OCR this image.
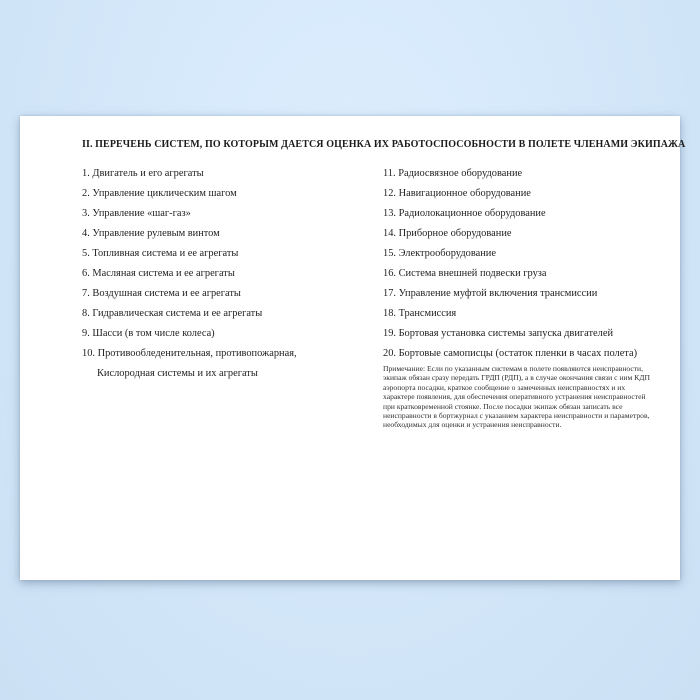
II. ПЕРЕЧЕНЬ СИСТЕМ, ПО КОТОРЫМ ДАЕТСЯ ОЦЕНКА ИХ РАБОТОСПОСОБНОСТИ В ПОЛЕТЕ ЧЛЕНАМИ ЭКИПАЖА
1. Двигатель и его агрегаты
2. Управление циклическим шагом
3. Управление «шаг-газ»
4. Управление рулевым винтом
5. Топливная система и ее агрегаты
6. Масляная система и ее агрегаты
7. Воздушная система и ее агрегаты
8. Гидравлическая система и ее агрегаты
9. Шасси (в том числе колеса)
10. Противообледенительная, противопожарная,
Кислородная системы и их агрегаты
11. Радиосвязное оборудование
12. Навигационное оборудование
13. Радиолокационное оборудование
14. Приборное оборудование
15. Электрооборудование
16. Система внешней подвески груза
17. Управление муфтой включения трансмиссии
18. Трансмиссия
19. Бортовая установка системы запуска двигателей
20. Бортовые самописцы (остаток пленки в часах полета)
Примечание: Если по указанным системам в полете появляются неисправности, экипаж обязан сразу передать ГРДП (РДП), а в случае окончания связи с ним КДП аэропорта посадки, краткое сообщение о замеченных неисправностях и их характере появления, для обеспечения оперативного устранения неисправностей при кратковременной стоянке. После посадки экипаж обязан записать все неисправности в бортжурнал с указанием характера неисправности и параметров, необходимых для оценки и устранения неисправности.
